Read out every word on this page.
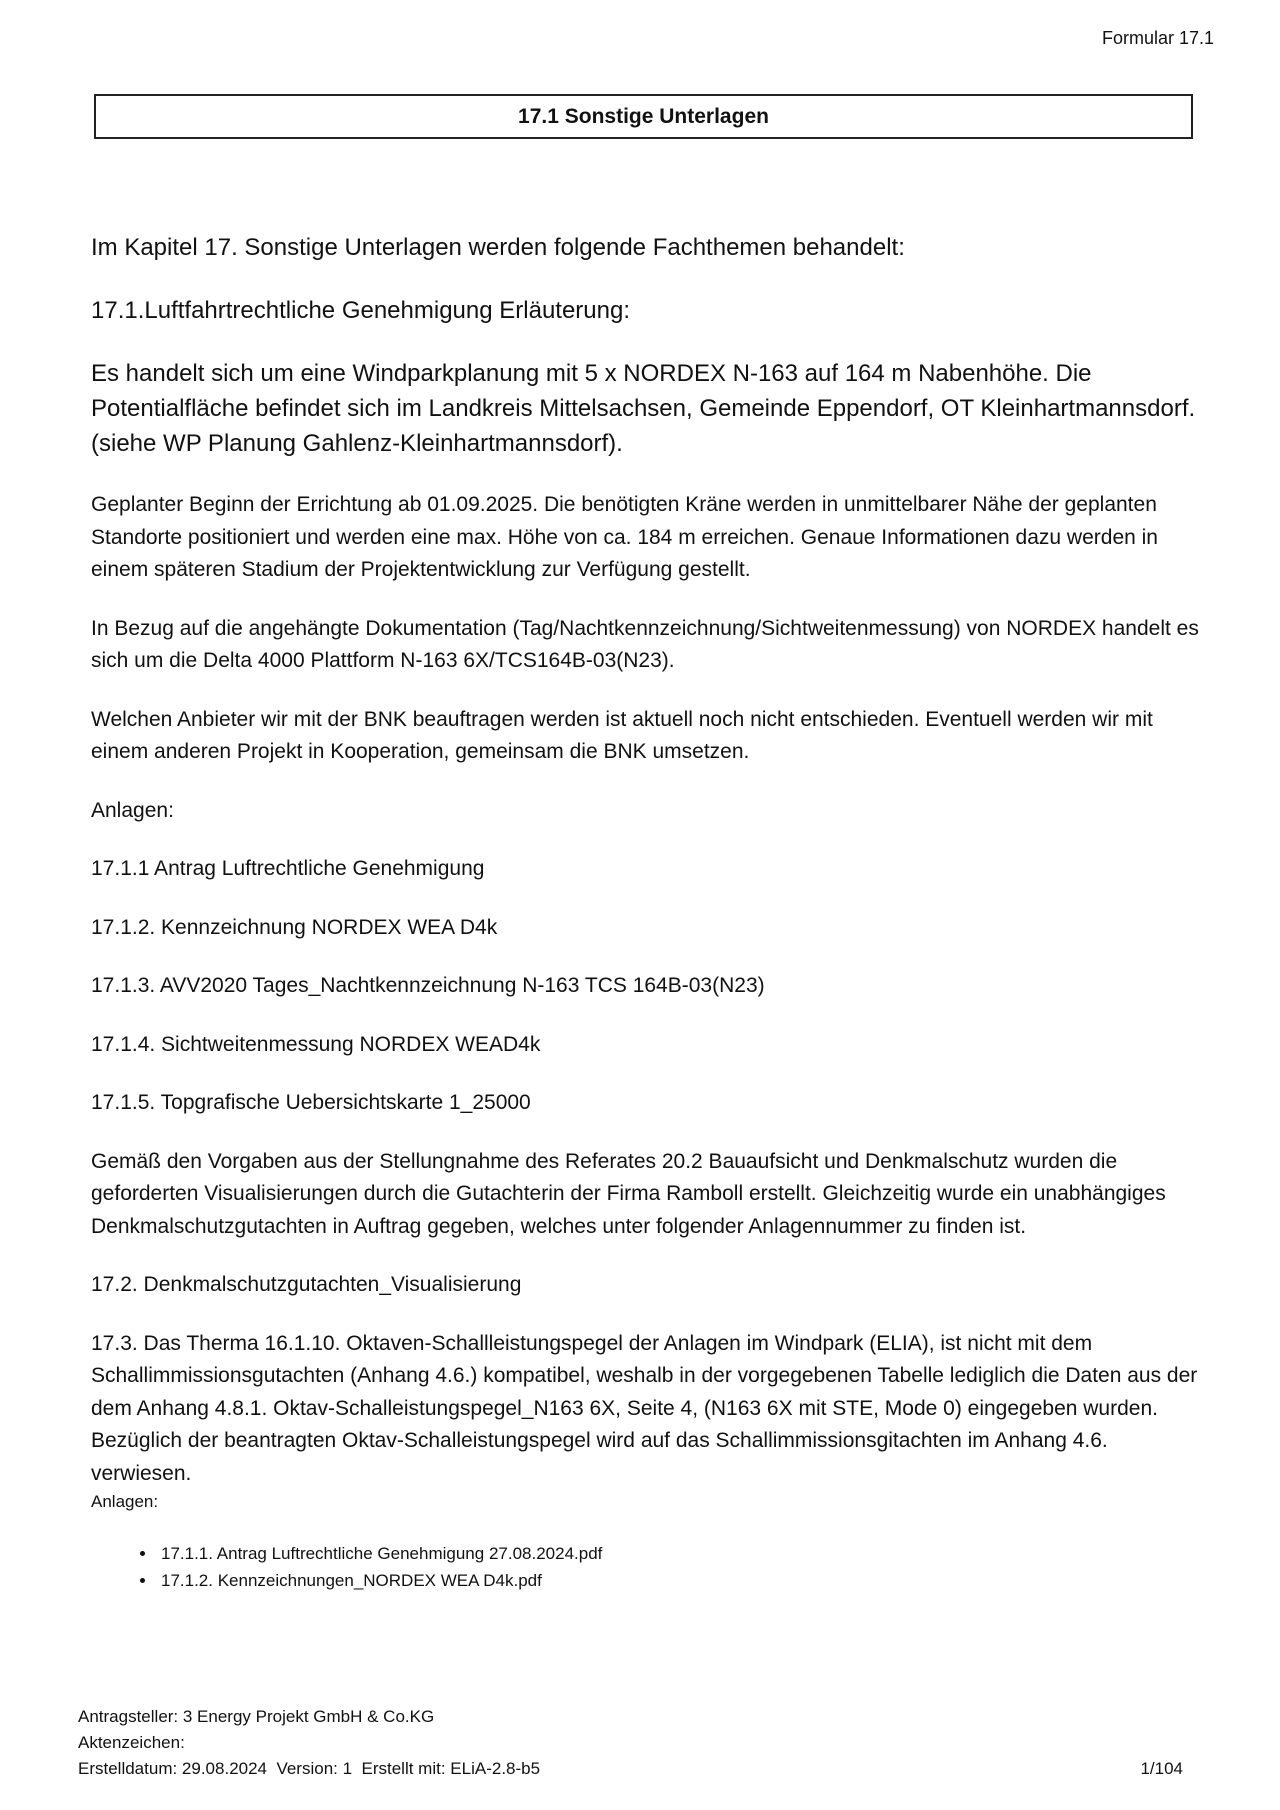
Formular 17.1
17.1 Sonstige Unterlagen

Im Kapitel 17. Sonstige Unterlagen werden folgende Fachthemen behandelt:

17.1.Luftfahrtrechtliche Genehmigung Erläuterung:

Es handelt sich um eine Windparkplanung mit 5 x NORDEX N-163 auf 164 m Nabenhöhe. Die Potentialfläche befindet sich im Landkreis Mittelsachsen, Gemeinde Eppendorf, OT Kleinhartmannsdorf. (siehe WP Planung Gahlenz-Kleinhartmannsdorf).

Geplanter Beginn der Errichtung ab 01.09.2025. Die benötigten Kräne werden in unmittelbarer Nähe der geplanten Standorte positioniert und werden eine max. Höhe von ca. 184 m erreichen. Genaue Informationen dazu werden in einem späteren Stadium der Projektentwicklung zur Verfügung gestellt.

In Bezug auf die angehängte Dokumentation (Tag/Nachtkennzeichnung/Sichtweitenmessung) von NORDEX handelt es sich um die Delta 4000 Plattform N-163 6X/TCS164B-03(N23).

Welchen Anbieter wir mit der BNK beauftragen werden ist aktuell noch nicht entschieden. Eventuell werden wir mit einem anderen Projekt in Kooperation, gemeinsam die BNK umsetzen.

Anlagen:

17.1.1 Antrag Luftrechtliche Genehmigung

17.1.2. Kennzeichnung NORDEX WEA D4k

17.1.3. AVV2020 Tages_Nachtkennzeichnung N-163 TCS 164B-03(N23)

17.1.4. Sichtweitenmessung NORDEX WEAD4k

17.1.5. Topgrafische Uebersichtskarte 1_25000

Gemäß den Vorgaben aus der Stellungnahme des Referates 20.2 Bauaufsicht und Denkmalschutz wurden die geforderten Visualisierungen durch die Gutachterin der Firma Ramboll erstellt. Gleichzeitig wurde ein unabhängiges Denkmalschutzgutachten in Auftrag gegeben, welches unter folgender Anlagennummer zu finden ist.

17.2. Denkmalschutzgutachten_Visualisierung

17.3. Das Therma 16.1.10. Oktaven-Schallleistungspegel der Anlagen im Windpark (ELIA), ist nicht mit dem Schallimmissionsgutachten (Anhang 4.6.) kompatibel, weshalb in der vorgegebenen Tabelle lediglich die Daten aus der dem Anhang 4.8.1. Oktav-Schalleistungspegel_N163 6X, Seite 4, (N163 6X mit STE, Mode 0) eingegeben wurden. Bezüglich der beantragten Oktav-Schalleistungspegel wird auf das Schallimmissionsgitachten im Anhang 4.6. verwiesen.

Anlagen:

• 17.1.1. Antrag Luftrechtliche Genehmigung 27.08.2024.pdf
• 17.1.2. Kennzeichnungen_NORDEX WEA D4k.pdf
Antragsteller: 3 Energy Projekt GmbH & Co.KG
Aktenzeichen:
Erstelldatum: 29.08.2024  Version: 1  Erstellt mit: ELiA-2.8-b5	1/104
